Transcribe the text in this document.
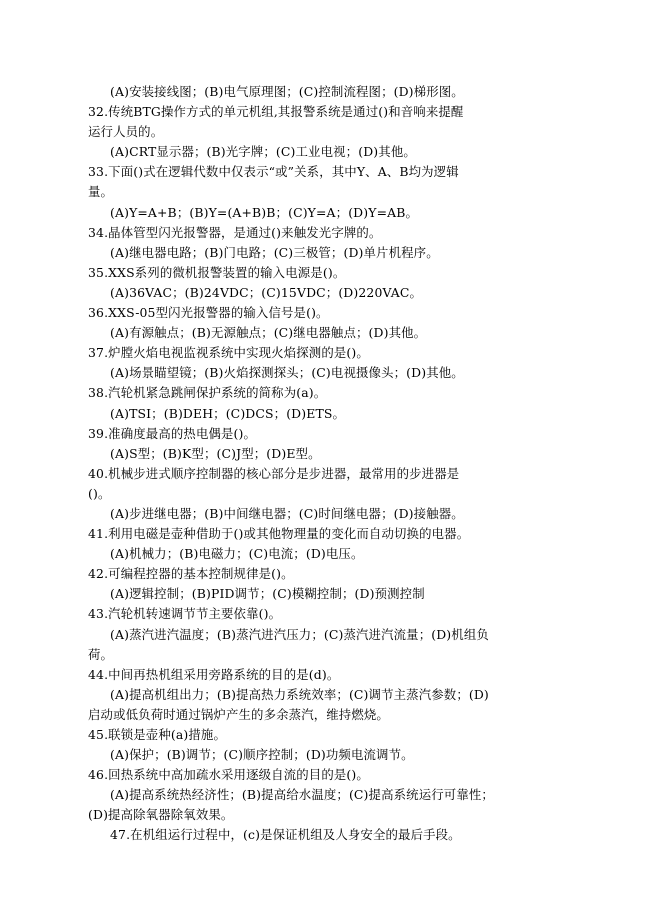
(A)安装接线图；(B)电气原理图；(C)控制流程图；(D)梯形图。
32.传统BTG操作方式的单元机组,其报警系统是通过()和音响来提醒
运行人员的。
(A)CRT显示器；(B)光字牌；(C)工业电视；(D)其他。
33.下面()式在逻辑代数中仅表示“或”关系，其中Y、A、B均为逻辑
量。
(A)Y=A+B；(B)Y=(A+B)B；(C)Y=A；(D)Y=AB。
34.晶体管型闪光报警器，是通过()来触发光字牌的。
(A)继电器电路；(B)门电路；(C)三极管；(D)单片机程序。
35.XXS系列的微机报警装置的输入电源是()。
(A)36VAC；(B)24VDC；(C)15VDC；(D)220VAC。
36.XXS-05型闪光报警器的输入信号是()。
(A)有源触点；(B)无源触点；(C)继电器触点；(D)其他。
37.炉膛火焰电视监视系统中实现火焰探测的是()。
(A)场景瞄望镜；(B)火焰探测探头；(C)电视摄像头；(D)其他。
38.汽轮机紧急跳闸保护系统的简称为(a)。
(A)TSI；(B)DEH；(C)DCS；(D)ETS。
39.准确度最高的热电偶是()。
(A)S型；(B)K型；(C)J型；(D)E型。
40.机械步进式顺序控制器的核心部分是步进器，最常用的步进器是
()。
(A)步进继电器；(B)中间继电器；(C)时间继电器；(D)接触器。
41.利用电磁是壶种借助于()或其他物理量的变化而自动切换的电器。
(A)机械力；(B)电磁力；(C)电流；(D)电压。
42.可编程控器的基本控制规律是()。
(A)逻辑控制；(B)PID调节；(C)模糊控制；(D)预测控制
43.汽轮机转速调节节主要依靠()。
(A)蒸汽进汽温度；(B)蒸汽进汽压力；(C)蒸汽进汽流量；(D)机组负
荷。
44.中间再热机组采用旁路系统的目的是(d)。
(A)提高机组出力；(B)提高热力系统效率；(C)调节主蒸汽参数；(D)
启动或低负荷时通过锅炉产生的多余蒸汽，维持燃烧。
45.联锁是壶种(a)措施。
(A)保护；(B)调节；(C)顺序控制；(D)功频电流调节。
46.回热系统中高加疏水采用逐级自流的目的是()。
(A)提高系统热经济性；(B)提高给水温度；(C)提高系统运行可靠性；
(D)提高除氧器除氧效果。
47.在机组运行过程中，(c)是保证机组及人身安全的最后手段。
